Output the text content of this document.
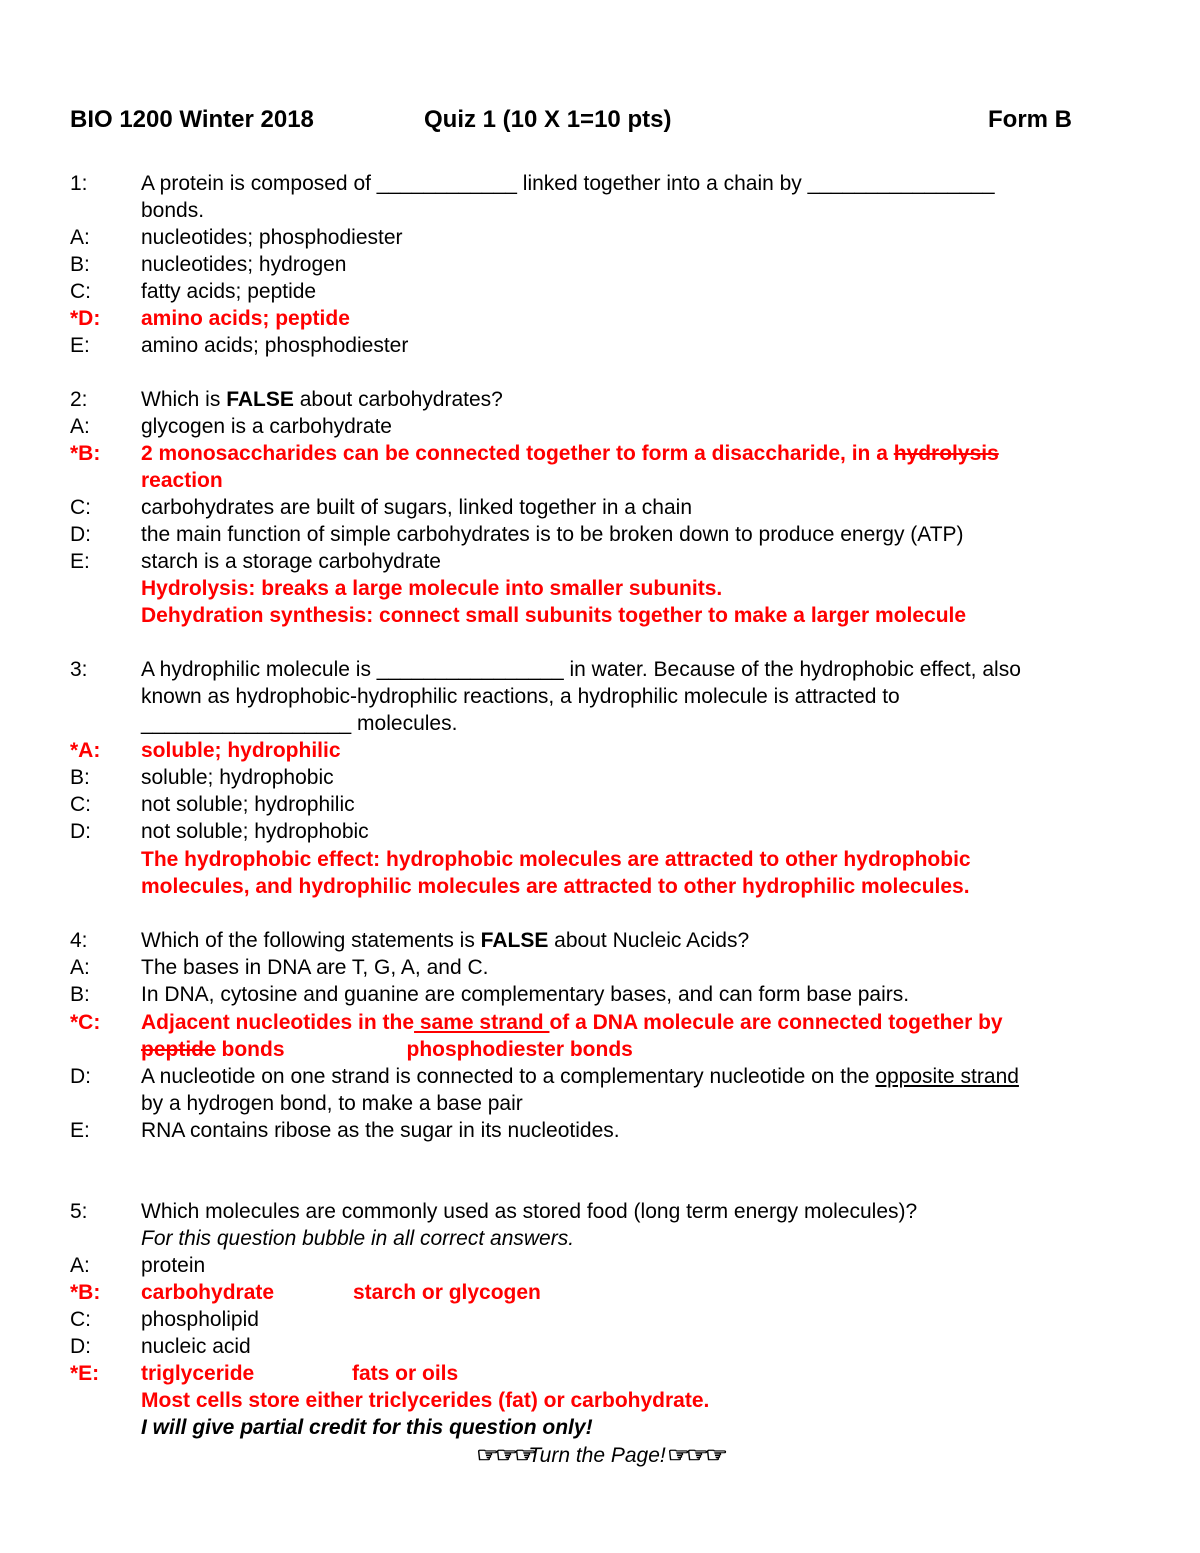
BIO 1200 Winter 2018	Quiz 1 (10 X 1=10 pts)	Form B
1:	A protein is composed of ____________ linked together into a chain by ________________
bonds.
A:	nucleotides; phosphodiester
B:	nucleotides; hydrogen
C:	fatty acids; peptide
*D:	amino acids; peptide
E:	amino acids; phosphodiester
2:	Which is FALSE about carbohydrates?
A:	glycogen is a carbohydrate
*B:	2 monosaccharides can be connected together to form a disaccharide, in a hydrolysis
reaction
C:	carbohydrates are built of sugars, linked together in a chain
D:	the main function of simple carbohydrates is to be broken down to produce energy (ATP)
E:	starch is a storage carbohydrate
Hydrolysis: breaks a large molecule into smaller subunits.
Dehydration synthesis: connect small subunits together to make a larger molecule
3:	A hydrophilic molecule is ________________ in water. Because of the hydrophobic effect, also
known as hydrophobic-hydrophilic reactions, a hydrophilic molecule is attracted to
__________________ molecules.
*A:	soluble; hydrophilic
B:	soluble; hydrophobic
C:	not soluble; hydrophilic
D:	not soluble; hydrophobic
The hydrophobic effect: hydrophobic molecules are attracted to other hydrophobic
molecules, and hydrophilic molecules are attracted to other hydrophilic molecules.
4:	Which of the following statements is FALSE about Nucleic Acids?
A:	The bases in DNA are T, G, A, and C.
B:	In DNA, cytosine and guanine are complementary bases, and can form base pairs.
*C:	Adjacent nucleotides in the same strand of a DNA molecule are connected together by
peptide bonds	phosphodiester bonds
D:	A nucleotide on one strand is connected to a complementary nucleotide on the opposite strand
by a hydrogen bond, to make a base pair
E:	RNA contains ribose as the sugar in its nucleotides.
5:	Which molecules are commonly used as stored food (long term energy molecules)?
For this question bubble in all correct answers.
A:	protein
*B:	carbohydrate	starch or glycogen
C:	phospholipid
D:	nucleic acid
*E:	triglyceride	fats or oils
Most cells store either triclycerides (fat) or carbohydrate.
I will give partial credit for this question only!
☞☞☞Turn the Page! ☞☞☞
